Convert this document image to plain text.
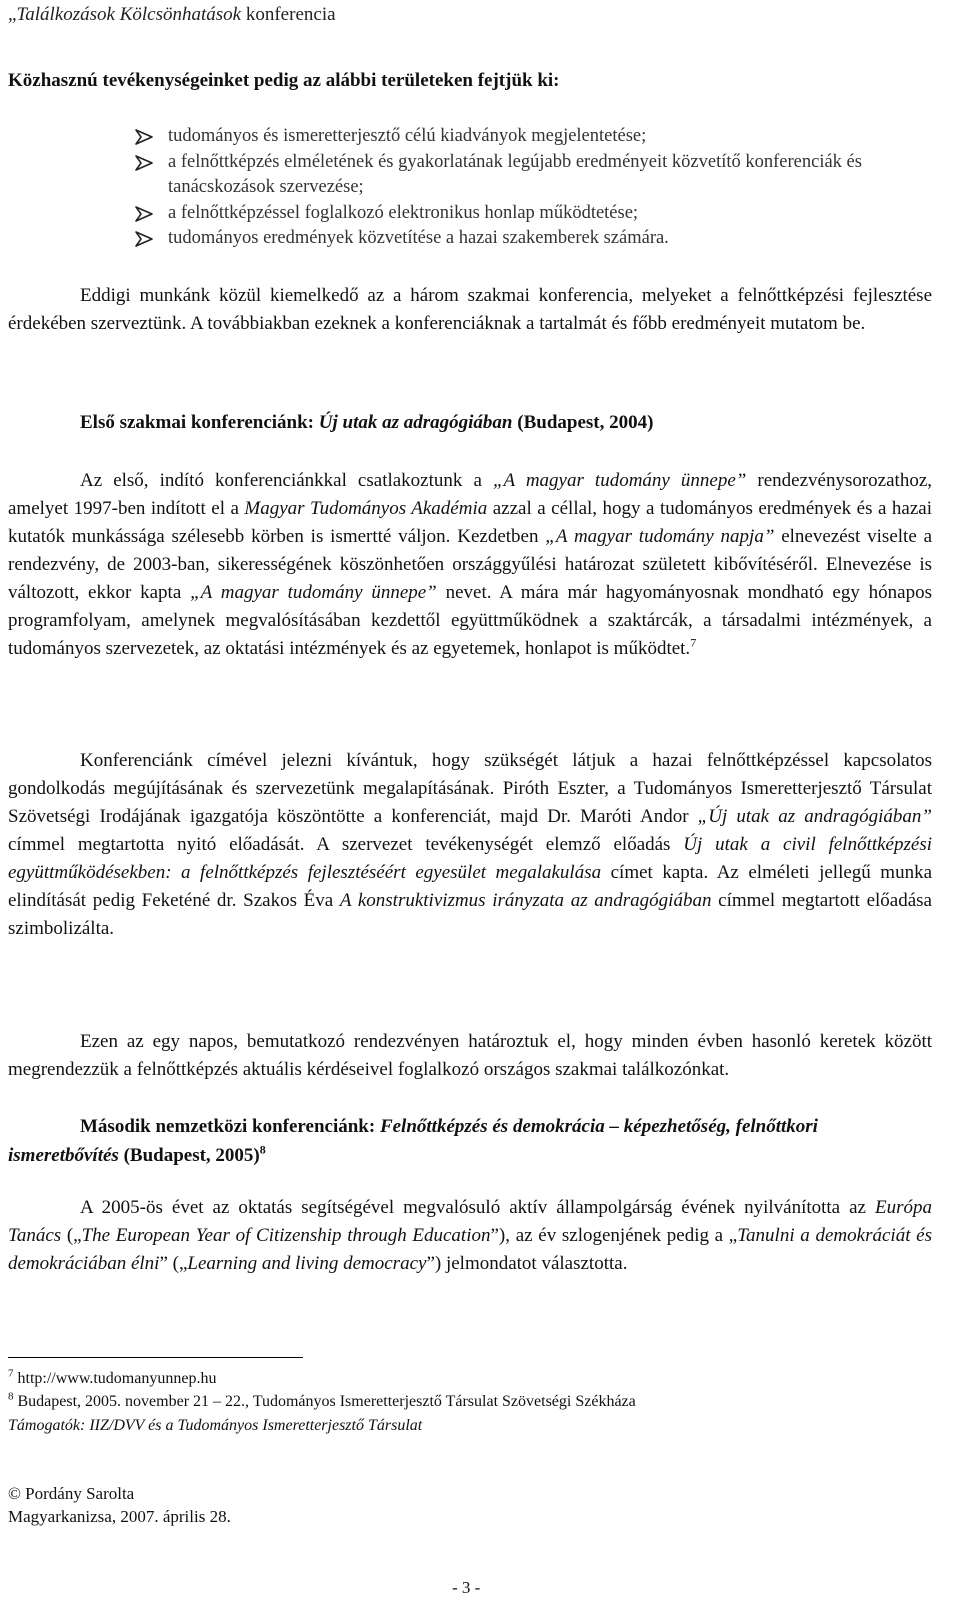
„Találkozások Kölcsönhatások konferencia
Közhasznú tevékenységeinket pedig az alábbi területeken fejtjük ki:
tudományos és ismeretterjesztő célú kiadványok megjelentetése;
a felnőttképzés elméletének és gyakorlatának legújabb eredményeit közvetítő konferenciák és tanácskozások szervezése;
a felnőttképzéssel foglalkozó elektronikus honlap működtetése;
tudományos eredmények közvetítése a hazai szakemberek számára.

Eddigi munkánk közül kiemelkedő az a három szakmai konferencia, melyeket a felnőttképzési fejlesztése érdekében szerveztünk. A továbbiakban ezeknek a konferenciáknak a tartalmát és főbb eredményeit mutatom be.

Első szakmai konferenciánk: Új utak az adragógiában (Budapest, 2004)

Az első, indító konferenciánkkal csatlakoztunk a „A magyar tudomány ünnepe” rendezvénysorozathoz, amelyet 1997-ben indított el a Magyar Tudományos Akadémia azzal a céllal, hogy a tudományos eredmények és a hazai kutatók munkássága szélesebb körben is ismertté váljon. Kezdetben „A magyar tudomány napja” elnevezést viselte a rendezvény, de 2003-ban, sikerességének köszönhetően országgyűlési határozat született kibővítéséről. Elnevezése is változott, ekkor kapta „A magyar tudomány ünnepe” nevet. A mára már hagyományosnak mondható egy hónapos programfolyam, amelynek megvalósításában kezdettől együttműködnek a szaktárcák, a társadalmi intézmények, a tudományos szervezetek, az oktatási intézmények és az egyetemek, honlapot is működtet.$^7$

Konferenciánk címével jelezni kívántuk, hogy szükségét látjuk a hazai felnőttképzéssel kapcsolatos gondolkodás megújításának és szervezetünk megalapításának. Piróth Eszter, a Tudományos Ismeretterjesztő Társulat Szövetségi Irodájának igazgatója köszöntötte a konferenciát, majd Dr. Maróti Andor „Új utak az andragógiában” címmel megtartotta nyitó előadását. A szervezet tevékenységét elemző előadás Új utak a civil felnőttképzési együttműködésekben: a felnőttképzés fejlesztéséért egyesület megalakulása címet kapta. Az elméleti jellegű munka elindítását pedig Feketéné dr. Szakos Éva A konstruktivizmus irányzata az andragógiában címmel megtartott előadása szimbolizálta.

Ezen az egy napos, bemutatkozó rendezvényen határoztuk el, hogy minden évben hasonló keretek között megrendezzük a felnőttképzés aktuális kérdéseivel foglalkozó országos szakmai találkozónkat.

Második nemzetközi konferenciánk: Felnőttképzés és demokrácia – képezhetőség, felnőttkori ismeretbővítés (Budapest, 2005)$^8$

A 2005-ös évet az oktatás segítségével megvalósuló aktív állampolgárság évének nyilvánította az Európa Tanács („The European Year of Citizenship through Education”), az év szlogenjének pedig a „Tanulni a demokráciát és demokráciában élni” („Learning and living democracy”) jelmondatot választotta.

$^7$ http://www.tudomanyunnep.hu
$^8$ Budapest, 2005. november 21 – 22., Tudományos Ismeretterjesztő Társulat Szövetségi Székháza
Támogatók: IIZ/DVV és a Tudományos Ismeretterjesztő Társulat
© Pordány Sarolta
Magyarkanizsa, 2007. április 28.
- 3 -
